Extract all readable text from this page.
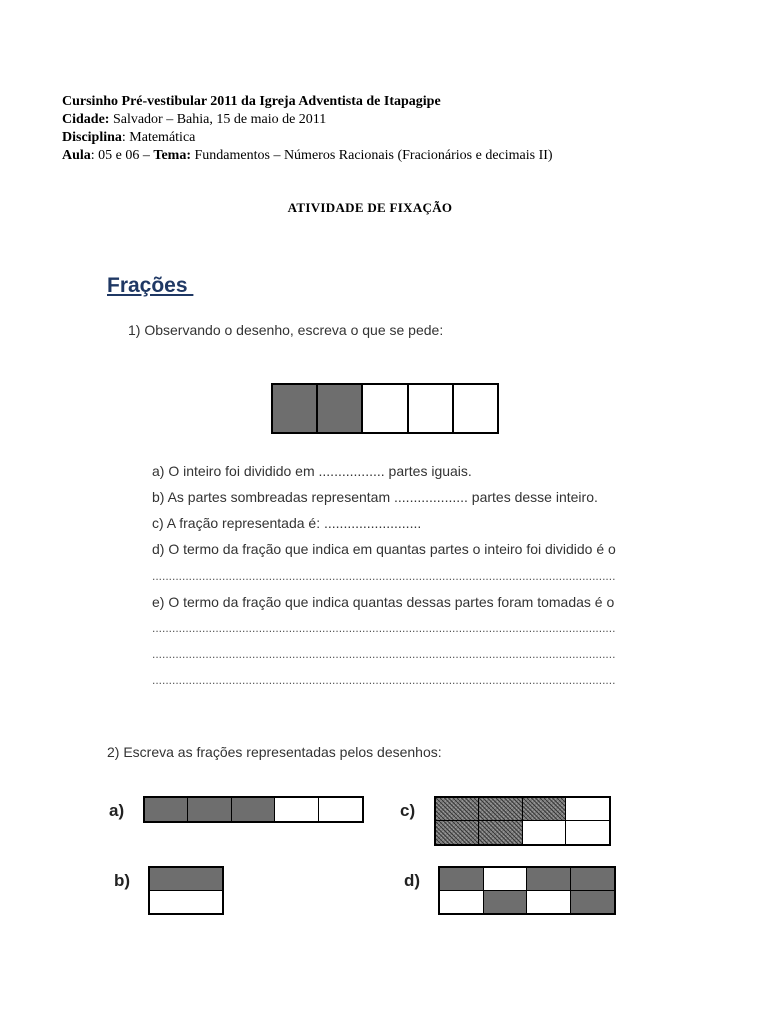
Cursinho Pré-vestibular 2011 da Igreja Adventista de Itapagipe
Cidade: Salvador – Bahia, 15 de maio de 2011
Disciplina: Matemática
Aula: 05 e 06 – Tema: Fundamentos – Números Racionais (Fracionários e decimais II)
ATIVIDADE DE FIXAÇÃO
Frações
1) Observando o desenho, escreva o que se pede:
a) O inteiro foi dividido em ................. partes iguais.
b) As partes sombreadas representam ................... partes desse inteiro.
c) A fração representada é: .........................
d) O termo da fração que indica em quantas partes o inteiro foi dividido é o
...........................................................................................................................................
e) O termo da fração que indica quantas dessas partes foram tomadas é o
...........................................................................................................................................
...........................................................................................................................................
...........................................................................................................................................
2) Escreva as frações representadas pelos desenhos:
a)	c)
b)	d)
